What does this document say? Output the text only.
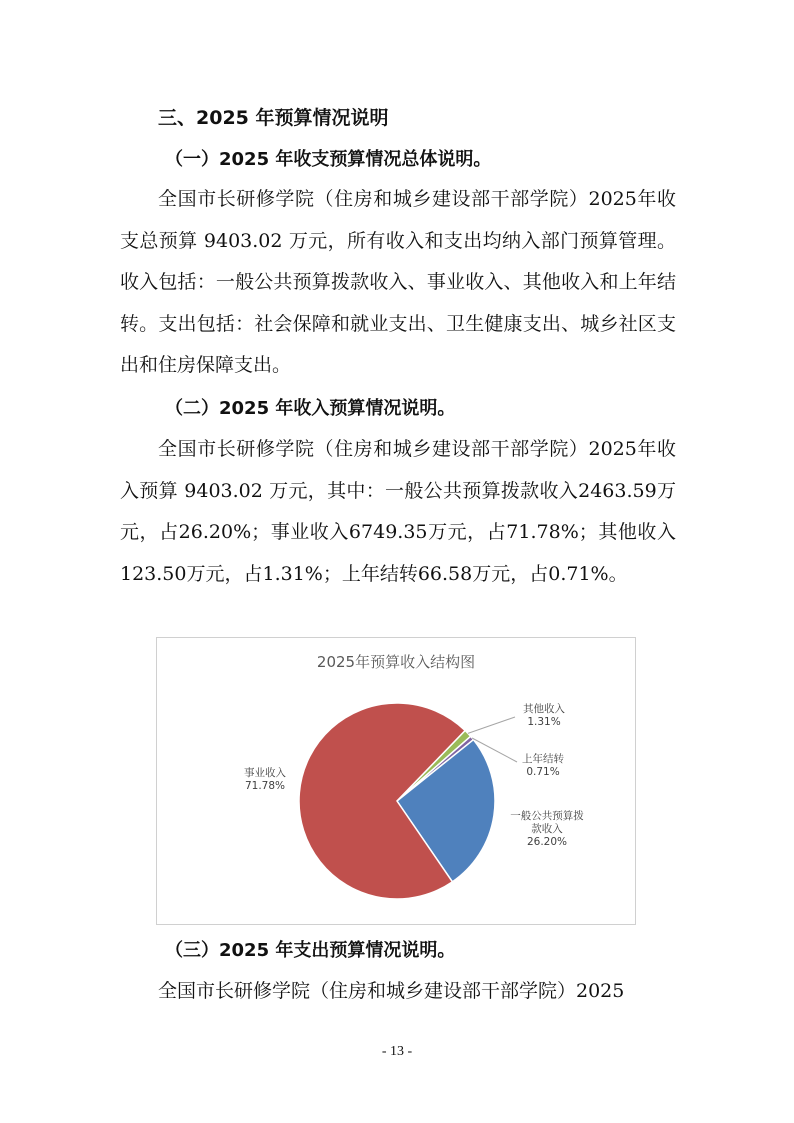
三、2025 年预算情况说明
（一）2025 年收支预算情况总体说明。
全国市长研修学院（住房和城乡建设部干部学院）2025年收支总预算 9403.02 万元，所有收入和支出均纳入部门预算管理。收入包括：一般公共预算拨款收入、事业收入、其他收入和上年结转。支出包括：社会保障和就业支出、卫生健康支出、城乡社区支出和住房保障支出。
（二）2025 年收入预算情况说明。
全国市长研修学院（住房和城乡建设部干部学院）2025年收入预算 9403.02 万元，其中：一般公共预算拨款收入2463.59万元，占26.20%；事业收入6749.35万元，占71.78%；其他收入123.50万元，占1.31%；上年结转66.58万元，占0.71%。
2025年预算收入结构图
一般公共预算拨
款收入
26.20%
事业收入
71.78%
其他收入
1.31%
上年结转
0.71%
（三）2025 年支出预算情况说明。
全国市长研修学院（住房和城乡建设部干部学院）2025
- 13 -
